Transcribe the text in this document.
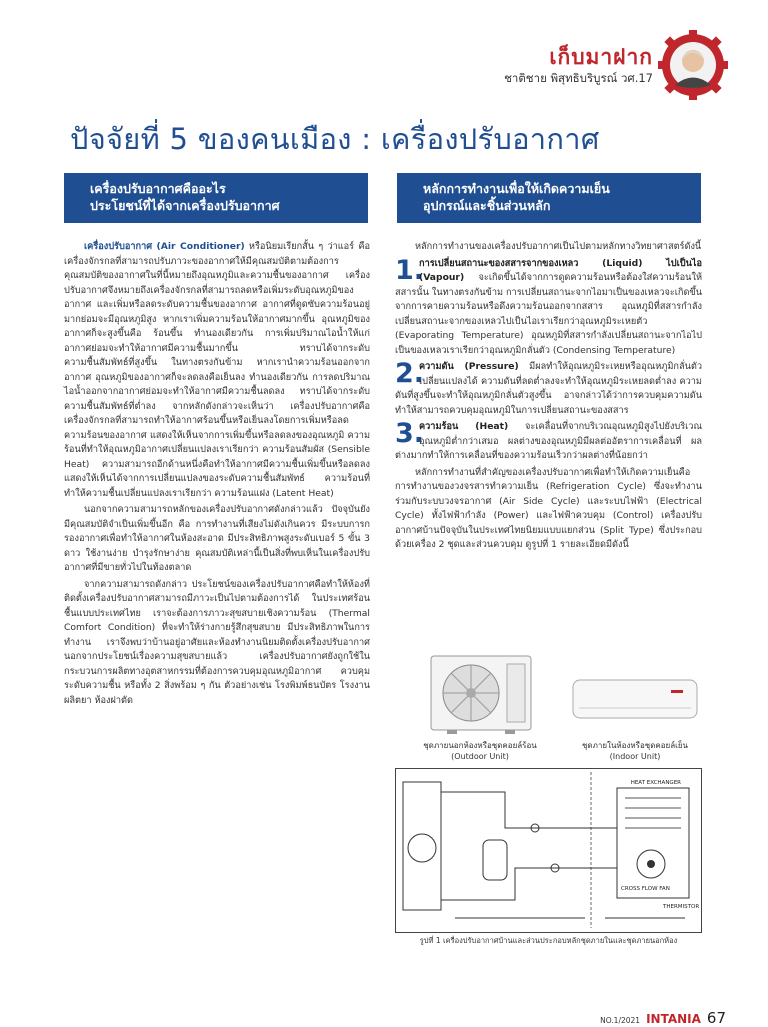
เก็บมาฝาก
ชาติชาย พิสุทธิบริบูรณ์ วศ.17
ปัจจัยที่ 5 ของคนเมือง : เครื่องปรับอากาศ
เครื่องปรับอากาศคืออะไร
ประโยชน์ที่ได้จากเครื่องปรับอากาศ
หลักการทำงานเพื่อให้เกิดความเย็น
อุปกรณ์และชิ้นส่วนหลัก

เครื่องปรับอากาศ (Air Conditioner) หรือนิยมเรียกสั้น ๆ ว่าแอร์ คือเครื่องจักรกลที่สามารถปรับภาวะของอากาศให้มีคุณสมบัติตามต้องการ คุณสมบัติของอากาศในที่นี้หมายถึงอุณหภูมิและความชื้นของอากาศ เครื่องปรับอากาศจึงหมายถึงเครื่องจักรกลที่สามารถลดหรือเพิ่มระดับอุณหภูมิของอากาศ และเพิ่มหรือลดระดับความชื้นของอากาศ อากาศที่ดูดซับความร้อนอยู่มากย่อมจะมีอุณหภูมิสูง หากเราเพิ่มความร้อนให้อากาศมากขึ้น อุณหภูมิของอากาศก็จะสูงขึ้นคือ ร้อนขึ้น ทำนองเดียวกัน การเพิ่มปริมาณไอน้ำให้แก่อากาศย่อมจะทำให้อากาศมีความชื้นมากขึ้น ทราบได้จากระดับความชื้นสัมพัทธ์ที่สูงขึ้น ในทางตรงกันข้าม หากเรานำความร้อนออกจากอากาศ อุณหภูมิของอากาศก็จะลดลงคือเย็นลง ทำนองเดียวกัน การลดปริมาณไอน้ำออกจากอากาศย่อมจะทำให้อากาศมีความชื้นลดลง ทราบได้จากระดับความชื้นสัมพัทธ์ที่ต่ำลง จากหลักดังกล่าวจะเห็นว่า เครื่องปรับอากาศคือเครื่องจักรกลที่สามารถทำให้อากาศร้อนขึ้นหรือเย็นลงโดยการเพิ่มหรือลดความร้อนของอากาศ แสดงให้เห็นจากการเพิ่มขึ้นหรือลดลงของอุณหภูมิ ความร้อนที่ทำให้อุณหภูมิอากาศเปลี่ยนแปลงเราเรียกว่า ความร้อนสัมผัส (Sensible Heat) ความสามารถอีกด้านหนึ่งคือทำให้อากาศมีความชื้นเพิ่มขึ้นหรือลดลง แสดงให้เห็นได้จากการเปลี่ยนแปลงของระดับความชื้นสัมพัทธ์ ความร้อนที่ทำให้ความชื้นเปลี่ยนแปลงเราเรียกว่า ความร้อนแฝง (Latent Heat)

นอกจากความสามารถหลักของเครื่องปรับอากาศดังกล่าวแล้ว ปัจจุบันยังมีคุณสมบัติจำเป็นเพิ่มขึ้นอีก คือ การทำงานที่เสียงไม่ดังเกินควร มีระบบการกรองอากาศเพื่อทำให้อากาศในห้องสะอาด มีประสิทธิภาพสูงระดับเบอร์ 5 ขั้น 3 ดาว ใช้งานง่าย บำรุงรักษาง่าย คุณสมบัติเหล่านี้เป็นสิ่งที่พบเห็นในเครื่องปรับอากาศที่มีขายทั่วไปในท้องตลาด

จากความสามารถดังกล่าว ประโยชน์ของเครื่องปรับอากาศคือทำให้ห้องที่ติดตั้งเครื่องปรับอากาศสามารถมีภาวะเป็นไปตามต้องการได้ ในประเทศร้อนชื้นแบบประเทศไทย เราจะต้องการภาวะสุขสบายเชิงความร้อน (Thermal Comfort Condition) ที่จะทำให้ร่างกายรู้สึกสุขสบาย มีประสิทธิภาพในการทำงาน เราจึงพบว่าบ้านอยู่อาศัยและห้องทำงานนิยมติดตั้งเครื่องปรับอากาศ นอกจากประโยชน์เรื่องความสุขสบายแล้ว เครื่องปรับอากาศยังถูกใช้ในกระบวนการผลิตทางอุตสาหกรรมที่ต้องการควบคุมอุณหภูมิอากาศ ควบคุมระดับความชื้น หรือทั้ง 2 สิ่งพร้อม ๆ กัน ตัวอย่างเช่น โรงพิมพ์ธนบัตร โรงงานผลิตยา ห้องผ่าตัด

หลักการทำงานของเครื่องปรับอากาศเป็นไปตามหลักทางวิทยาศาสตร์ดังนี้

1.
การเปลี่ยนสถานะของสสารจากของเหลว (Liquid) ไปเป็นไอ (Vapour) จะเกิดขึ้นได้จากการดูดความร้อนหรือต้องใส่ความร้อนให้สสารนั้น ในทางตรงกันข้าม การเปลี่ยนสถานะจากไอมาเป็นของเหลวจะเกิดขึ้นจากการคายความร้อนหรือดึงความร้อนออกจากสสาร อุณหภูมิที่สสารกำลังเปลี่ยนสถานะจากของเหลวไปเป็นไอเราเรียกว่าอุณหภูมิระเหยตัว (Evaporating Temperature) อุณหภูมิที่สสารกำลังเปลี่ยนสถานะจากไอไปเป็นของเหลวเราเรียกว่าอุณหภูมิกลั่นตัว (Condensing Temperature)
2.
ความดัน (Pressure) มีผลทำให้อุณหภูมิระเหยหรืออุณหภูมิกลั่นตัวเปลี่ยนแปลงได้ ความดันที่ลดต่ำลงจะทำให้อุณหภูมิระเหยลดต่ำลง ความดันที่สูงขึ้นจะทำให้อุณหภูมิกลั่นตัวสูงขึ้น อาจกล่าวได้ว่าการควบคุมความดันทำให้สามารถควบคุมอุณหภูมิในการเปลี่ยนสถานะของสสาร
3.
ความร้อน (Heat) จะเคลื่อนที่จากบริเวณอุณหภูมิสูงไปยังบริเวณอุณหภูมิต่ำกว่าเสมอ ผลต่างของอุณหภูมิมีผลต่ออัตราการเคลื่อนที่ ผลต่างมากทำให้การเคลื่อนที่ของความร้อนเร็วกว่าผลต่างที่น้อยกว่า

หลักการทำงานที่สำคัญของเครื่องปรับอากาศเพื่อทำให้เกิดความเย็นคือ การทำงานของวงจรสารทำความเย็น (Refrigeration Cycle) ซึ่งจะทำงานร่วมกับระบบวงจรอากาศ (Air Side Cycle) และระบบไฟฟ้า (Electrical Cycle) ทั้งไฟฟ้ากำลัง (Power) และไฟฟ้าควบคุม (Control) เครื่องปรับอากาศบ้านปัจจุบันในประเทศไทยนิยมแบบแยกส่วน (Split Type) ซึ่งประกอบด้วยเครื่อง 2 ชุดและส่วนควบคุม ดูรูปที่ 1 รายละเอียดมีดังนี้

ชุดภายนอกห้องหรือชุดคอยล์ร้อน
(Outdoor Unit)
ชุดภายในห้องหรือชุดคอยล์เย็น
(Indoor Unit)
HEAT EXCHANGER
CROSS FLOW FAN
THERMISTOR
รูปที่ 1 เครื่องปรับอากาศบ้านและส่วนประกอบหลักชุดภายในและชุดภายนอกห้อง
NO.1/2021 INTANIA 67
